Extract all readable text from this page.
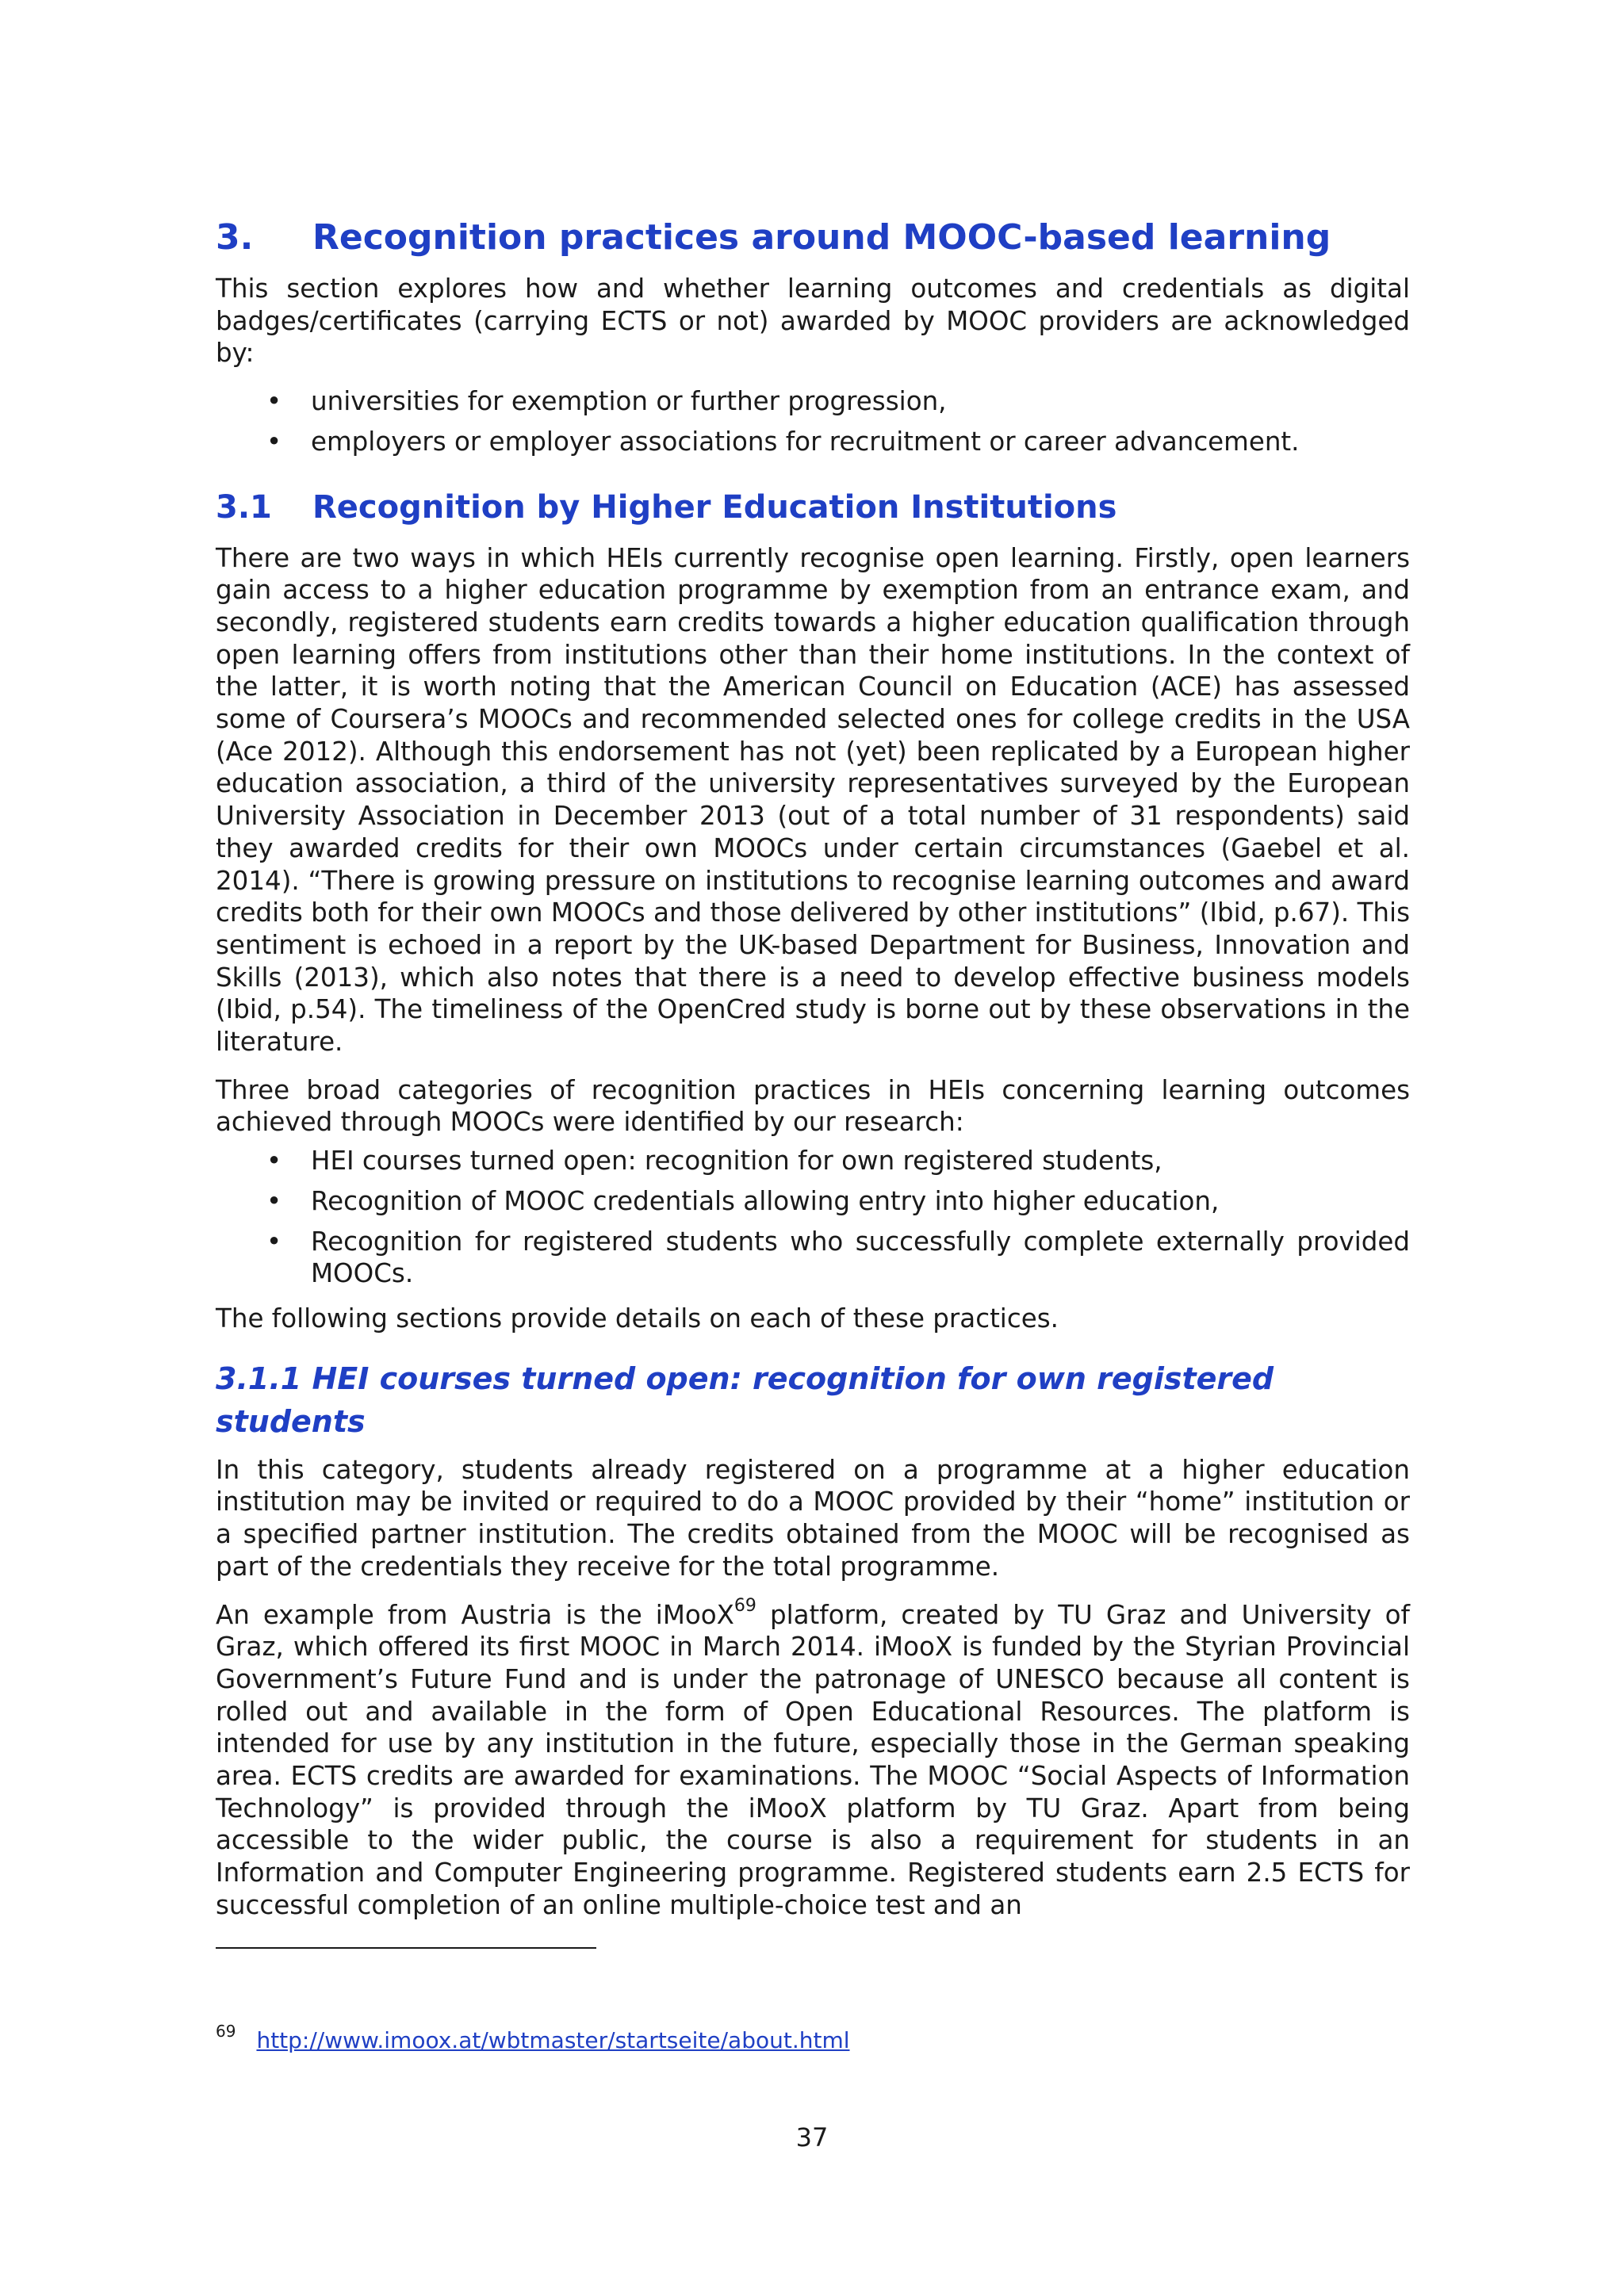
3. Recognition practices around MOOC-based learning

This section explores how and whether learning outcomes and credentials as digital badges/certificates (carrying ECTS or not) awarded by MOOC providers are acknowledged by:

• universities for exemption or further progression,
• employers or employer associations for recruitment or career advancement.
3.1 Recognition by Higher Education Institutions

There are two ways in which HEIs currently recognise open learning. Firstly, open learners gain access to a higher education programme by exemption from an entrance exam, and secondly, registered students earn credits towards a higher education qualification through open learning offers from institutions other than their home institutions. In the context of the latter, it is worth noting that the American Council on Education (ACE) has assessed some of Coursera’s MOOCs and recommended selected ones for college credits in the USA (Ace 2012). Although this endorsement has not (yet) been replicated by a European higher education association, a third of the university representatives surveyed by the European University Association in December 2013 (out of a total number of 31 respondents) said they awarded credits for their own MOOCs under certain circumstances (Gaebel et al. 2014). “There is growing pressure on institutions to recognise learning outcomes and award credits both for their own MOOCs and those delivered by other institutions” (Ibid, p.67). This sentiment is echoed in a report by the UK-based Department for Business, Innovation and Skills (2013), which also notes that there is a need to develop effective business models (Ibid, p.54). The timeliness of the OpenCred study is borne out by these observations in the literature.

Three broad categories of recognition practices in HEIs concerning learning outcomes achieved through MOOCs were identified by our research:

• HEI courses turned open: recognition for own registered students,
• Recognition of MOOC credentials allowing entry into higher education,
• Recognition for registered students who successfully complete externally provided MOOCs.

The following sections provide details on each of these practices.

3.1.1 HEI courses turned open: recognition for own registered students

In this category, students already registered on a programme at a higher education institution may be invited or required to do a MOOC provided by their “home” institution or a specified partner institution. The credits obtained from the MOOC will be recognised as part of the credentials they receive for the total programme.

An example from Austria is the iMooX$^{69}$ platform, created by TU Graz and University of Graz, which offered its first MOOC in March 2014. iMooX is funded by the Styrian Provincial Government’s Future Fund and is under the patronage of UNESCO because all content is rolled out and available in the form of Open Educational Resources. The platform is intended for use by any institution in the future, especially those in the German speaking area. ECTS credits are awarded for examinations. The MOOC “Social Aspects of Information Technology” is provided through the iMooX platform by TU Graz. Apart from being accessible to the wider public, the course is also a requirement for students in an Information and Computer Engineering programme. Registered students earn 2.5 ECTS for successful completion of an online multiple-choice test and an

$^{69}$ http://www.imoox.at/wbtmaster/startseite/about.html
37
